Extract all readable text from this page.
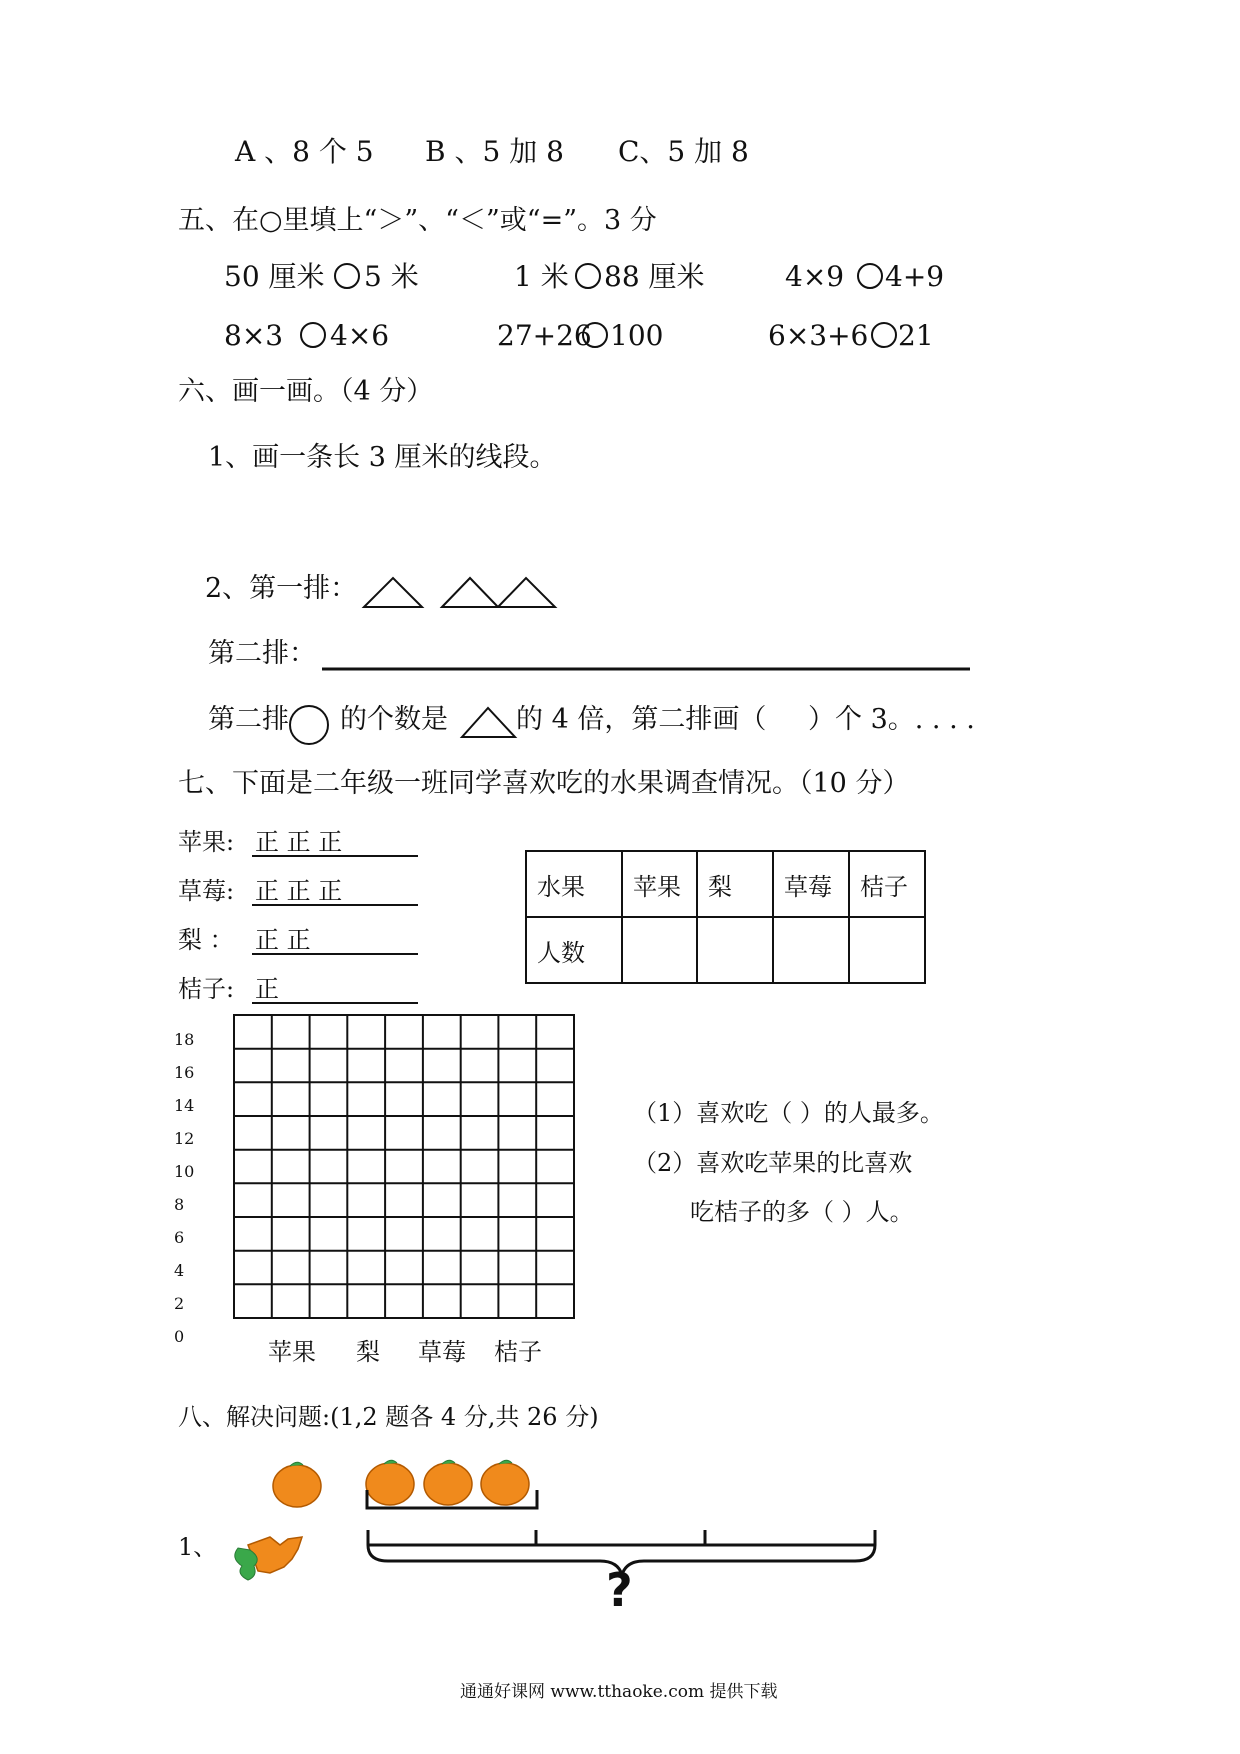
A 、8 个 5 B 、5 加 8 C、5 加 8
五、在○里填上“＞”、“＜”或“=”。3 分
50 厘米 5 米	1 米 88 厘米	4×9 4+9
8×3 4×6	27+26 100	6×3+6 21
六、画一画。（4 分）
1、画一条长 3 厘米的线段。
2、第一排：
第二排：
第二排 的个数是	的 4 倍，第二排画（ ）个 3。. . . .
七、下面是二年级一班同学喜欢吃的水果调查情况。（10 分）
苹果: 正 正 正
草莓: 正 正 正
梨 ： 正 正
桔子: 正
水果	苹果	梨	草莓	桔子
人数				
18
16
14
12
10
8
6
4
2
0
苹果 梨 草莓 桔子
（1）喜欢吃（ ）的人最多。
（2）喜欢吃苹果的比喜欢
吃桔子的多（ ）人。
八、解决问题:(1,2 题各 4 分,共 26 分)
1、
?
通通好课网 www.tthaoke.com 提供下载
